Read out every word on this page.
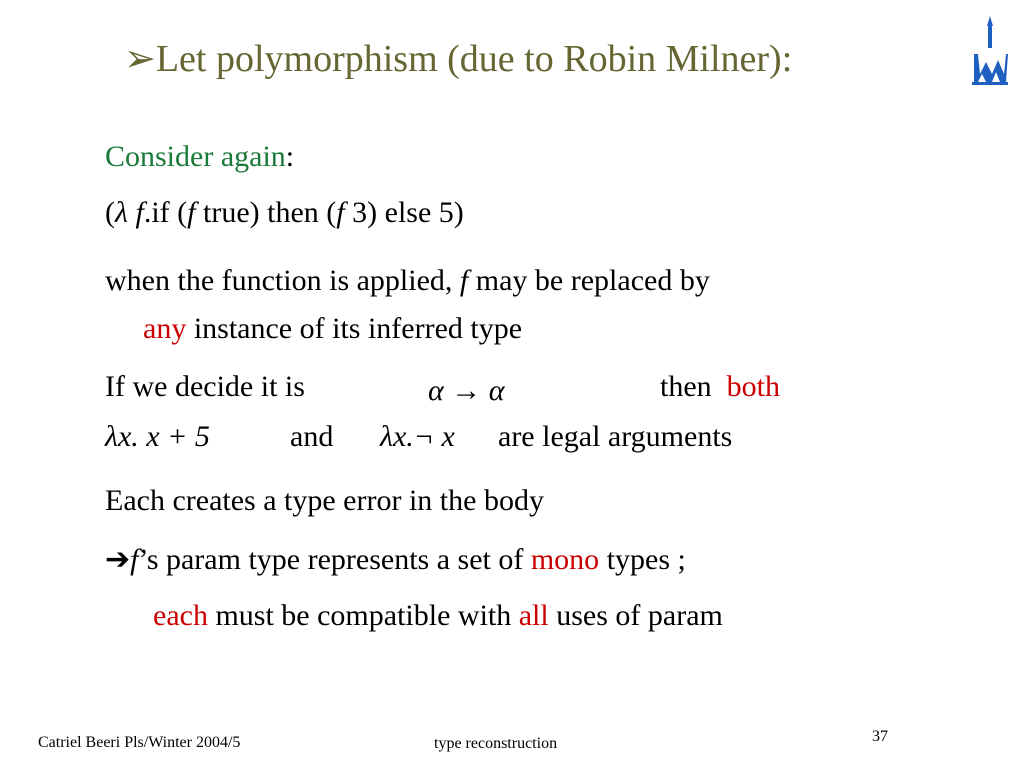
➢Let polymorphism (due to Robin Milner):
Consider again:
(λ f.if (f true) then (f 3) else 5)
when the function is applied, f may be replaced by
any instance of its inferred type
If we decide it is	α → α	then both
λx. x + 5	and λx.¬ x are legal arguments
Each creates a type error in the body
➔f’s param type represents a set of mono types ;
each must be compatible with all uses of param
Catriel Beeri Pls/Winter 2004/5	type reconstruction	37
